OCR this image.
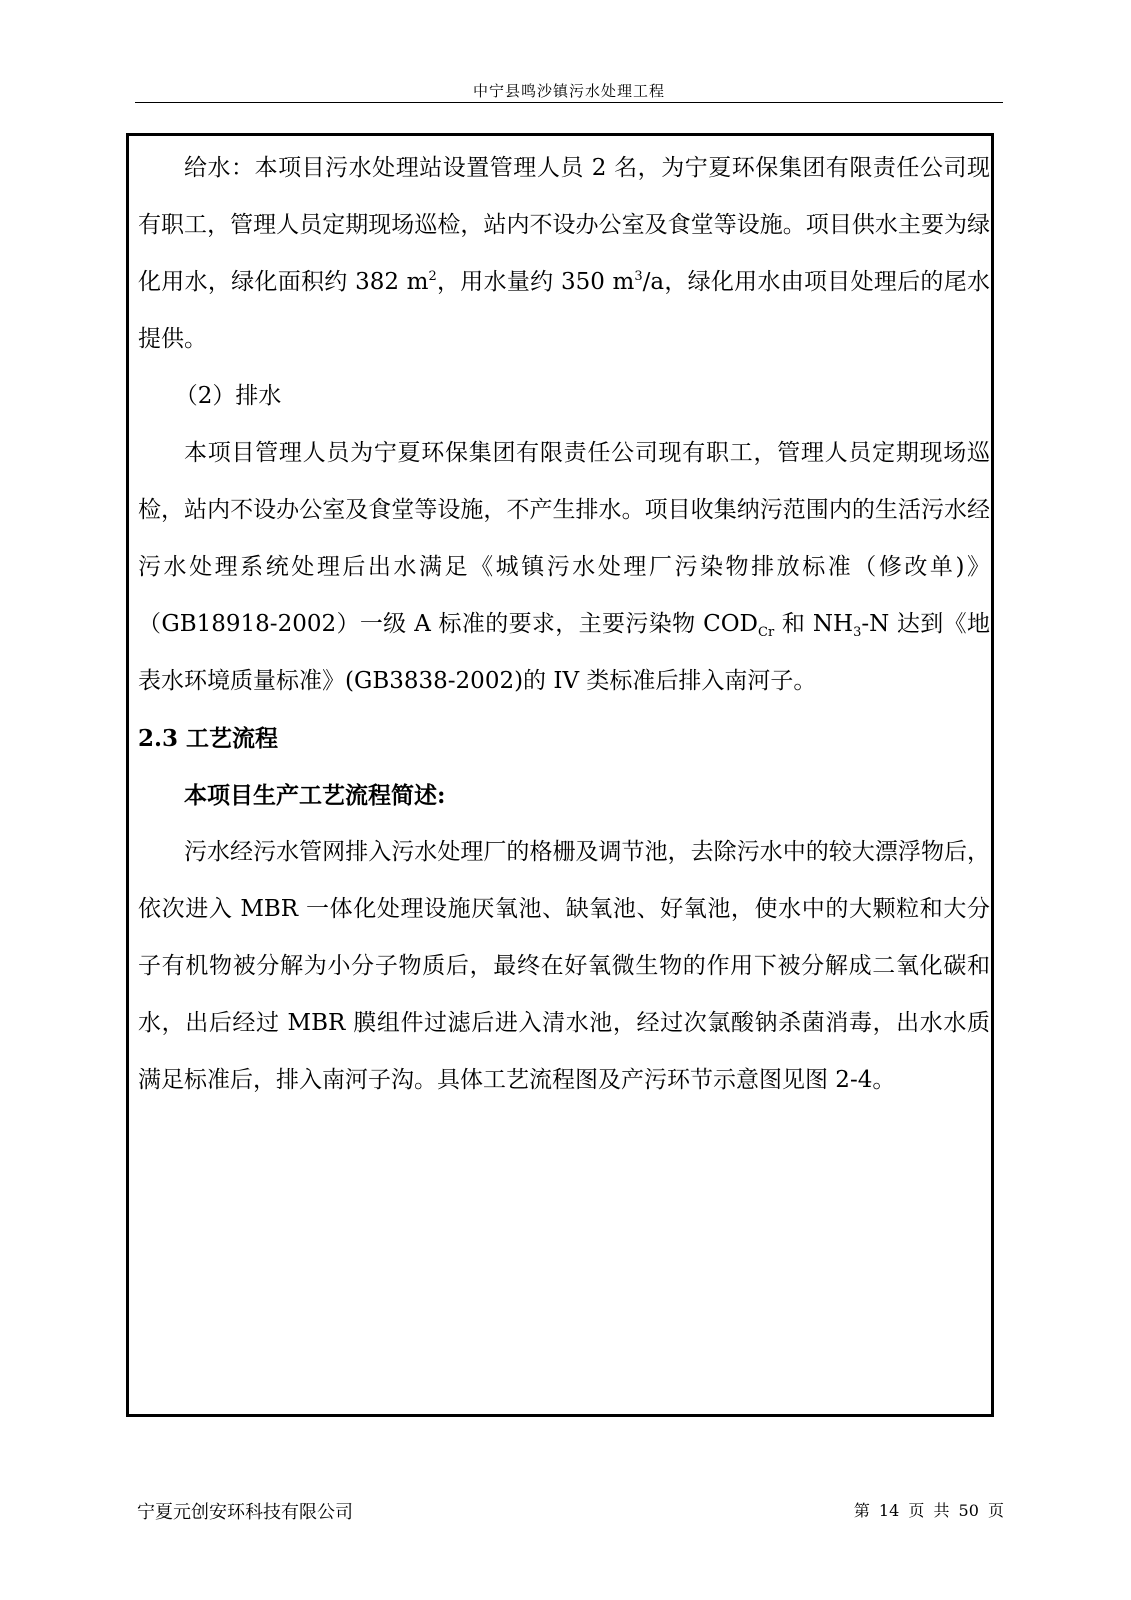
中宁县鸣沙镇污水处理工程

给水：本项目污水处理站设置管理人员 2 名，为宁夏环保集团有限责任公司现有职工，管理人员定期现场巡检，站内不设办公室及食堂等设施。项目供水主要为绿化用水，绿化面积约 382 $m^2$，用水量约 350 $m^3/a$，绿化用水由项目处理后的尾水提供。

（2）排水

本项目管理人员为宁夏环保集团有限责任公司现有职工，管理人员定期现场巡检，站内不设办公室及食堂等设施，不产生排水。项目收集纳污范围内的生活污水经污水处理系统处理后出水满足《城镇污水处理厂污染物排放标准（修改单)》（GB18918-2002）一级 A 标准的要求，主要污染物 $COD_{Cr}$ 和 $NH_3-N$ 达到《地表水环境质量标准》(GB3838-2002)的 IV 类标准后排入南河子。

2.3 工艺流程

本项目生产工艺流程简述:

污水经污水管网排入污水处理厂的格栅及调节池，去除污水中的较大漂浮物后，依次进入 MBR 一体化处理设施厌氧池、缺氧池、好氧池，使水中的大颗粒和大分子有机物被分解为小分子物质后，最终在好氧微生物的作用下被分解成二氧化碳和水，出后经过 MBR 膜组件过滤后进入清水池，经过次氯酸钠杀菌消毒，出水水质满足标准后，排入南河子沟。具体工艺流程图及产污环节示意图见图 2-4。

宁夏元创安环科技有限公司	第 14 页 共 50 页
